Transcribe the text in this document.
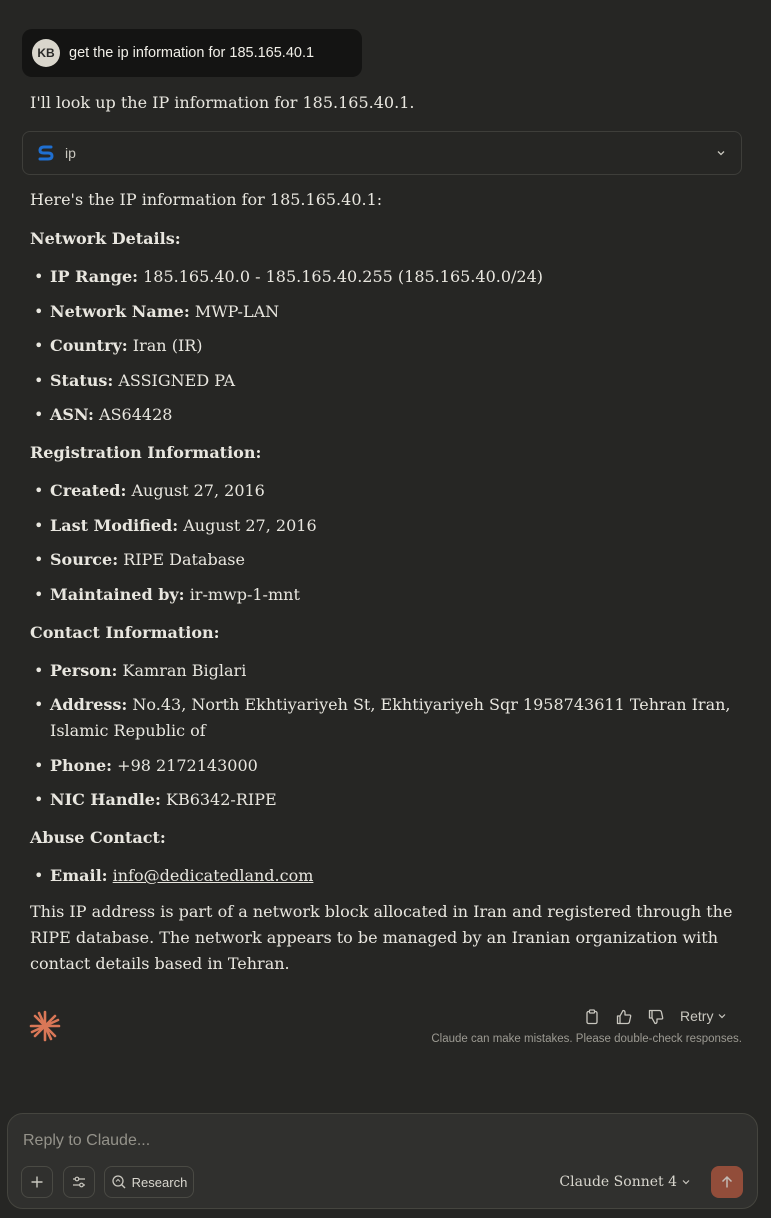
KB get the ip information for 185.165.40.1
I'll look up the IP information for 185.165.40.1.
ip

Here's the IP information for 185.165.40.1:

Network Details:

• IP Range: 185.165.40.0 - 185.165.40.255 (185.165.40.0/24)
• Network Name: MWP-LAN
• Country: Iran (IR)
• Status: ASSIGNED PA
• ASN: AS64428

Registration Information:

• Created: August 27, 2016
• Last Modified: August 27, 2016
• Source: RIPE Database
• Maintained by: ir-mwp-1-mnt

Contact Information:

• Person: Kamran Biglari
• Address: No.43, North Ekhtiyariyeh St, Ekhtiyariyeh Sqr 1958743611 Tehran Iran, Islamic Republic of
• Phone: +98 2172143000
• NIC Handle: KB6342-RIPE

Abuse Contact:

• Email: info@dedicatedland.com

This IP address is part of a network block allocated in Iran and registered through the RIPE database. The network appears to be managed by an Iranian organization with contact details based in Tehran.

Retry
Claude can make mistakes. Please double-check responses.
Reply to Claude...
Research	Claude Sonnet 4
